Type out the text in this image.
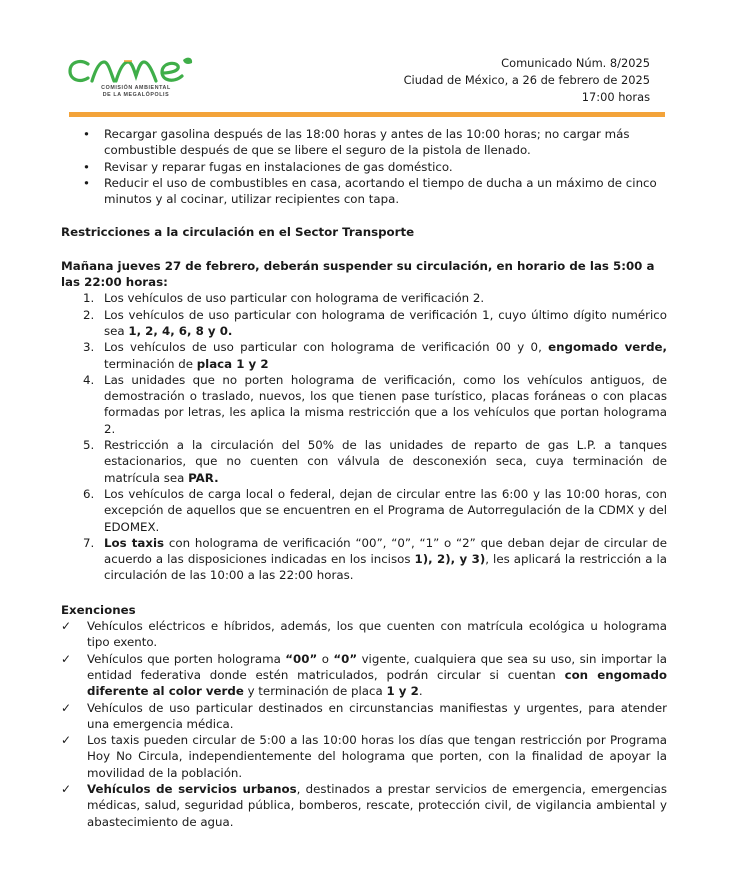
COMISIÓN AMBIENTAL
DE LA MEGALÓPOLIS
Comunicado Núm. 8/2025
Ciudad de México, a 26 de febrero de 2025
17:00 horas
• Recargar gasolina después de las 18:00 horas y antes de las 10:00 horas; no cargar más combustible después de que se libere el seguro de la pistola de llenado.
• Revisar y reparar fugas en instalaciones de gas doméstico.
• Reducir el uso de combustibles en casa, acortando el tiempo de ducha a un máximo de cinco minutos y al cocinar, utilizar recipientes con tapa.
Restricciones a la circulación en el Sector Transporte
Mañana jueves 27 de febrero, deberán suspender su circulación, en horario de las 5:00 a las 22:00 horas:
1. Los vehículos de uso particular con holograma de verificación 2.
2. Los vehículos de uso particular con holograma de verificación 1, cuyo último dígito numérico sea 1, 2, 4, 6, 8 y 0.
3. Los vehículos de uso particular con holograma de verificación 00 y 0, engomado verde, terminación de placa 1 y 2
4. Las unidades que no porten holograma de verificación, como los vehículos antiguos, de demostración o traslado, nuevos, los que tienen pase turístico, placas foráneas o con placas formadas por letras, les aplica la misma restricción que a los vehículos que portan holograma 2.
5. Restricción a la circulación del 50% de las unidades de reparto de gas L.P. a tanques estacionarios, que no cuenten con válvula de desconexión seca, cuya terminación de matrícula sea PAR.
6. Los vehículos de carga local o federal, dejan de circular entre las 6:00 y las 10:00 horas, con excepción de aquellos que se encuentren en el Programa de Autorregulación de la CDMX y del EDOMEX.
7. Los taxis con holograma de verificación “00”, “0”, “1” o “2” que deban dejar de circular de acuerdo a las disposiciones indicadas en los incisos 1), 2), y 3), les aplicará la restricción a la circulación de las 10:00 a las 22:00 horas.
Exenciones
✓ Vehículos eléctricos e híbridos, además, los que cuenten con matrícula ecológica u holograma tipo exento.
✓ Vehículos que porten holograma “00” o “0” vigente, cualquiera que sea su uso, sin importar la entidad federativa donde estén matriculados, podrán circular si cuentan con engomado diferente al color verde y terminación de placa 1 y 2.
✓ Vehículos de uso particular destinados en circunstancias manifiestas y urgentes, para atender una emergencia médica.
✓ Los taxis pueden circular de 5:00 a las 10:00 horas los días que tengan restricción por Programa Hoy No Circula, independientemente del holograma que porten, con la finalidad de apoyar la movilidad de la población.
✓ Vehículos de servicios urbanos, destinados a prestar servicios de emergencia, emergencias médicas, salud, seguridad pública, bomberos, rescate, protección civil, de vigilancia ambiental y abastecimiento de agua.
